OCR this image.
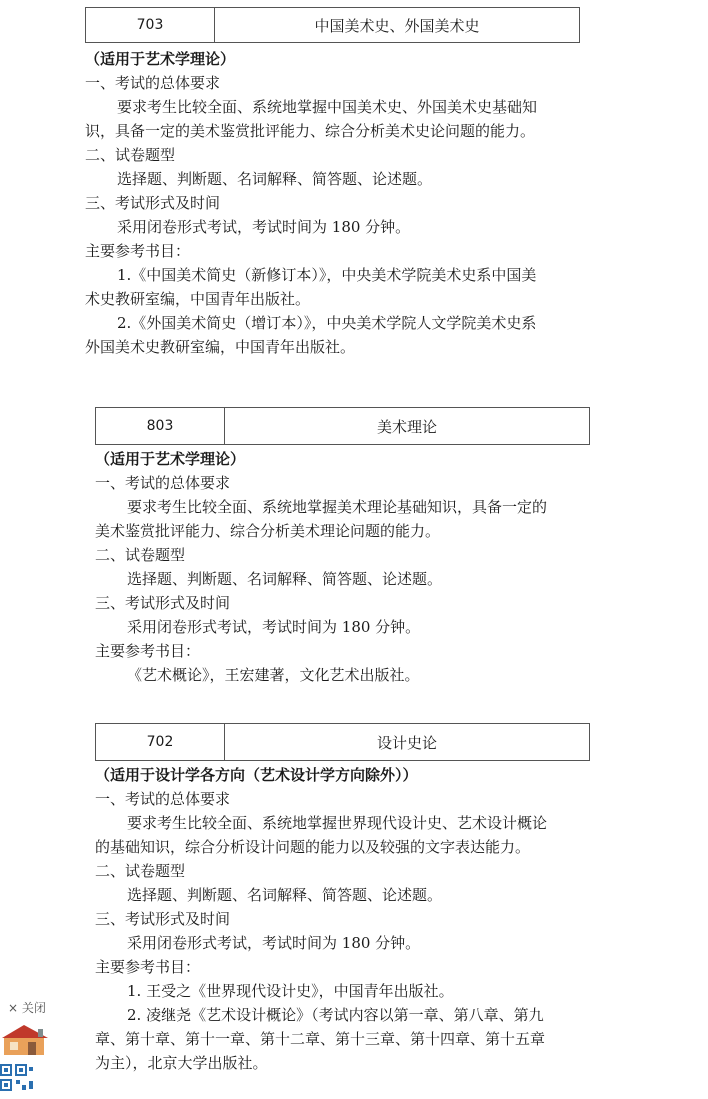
703	中国美术史、外国美术史
（适用于艺术学理论）
一、考试的总体要求
要求考生比较全面、系统地掌握中国美术史、外国美术史基础知
识，具备一定的美术鉴赏批评能力、综合分析美术史论问题的能力。
二、试卷题型
选择题、判断题、名词解释、简答题、论述题。
三、考试形式及时间
采用闭卷形式考试，考试时间为 180 分钟。
主要参考书目：
1.《中国美术简史（新修订本）》，中央美术学院美术史系中国美
术史教研室编，中国青年出版社。
2.《外国美术简史（增订本）》，中央美术学院人文学院美术史系
外国美术史教研室编，中国青年出版社。
803	美术理论
（适用于艺术学理论）
一、考试的总体要求
要求考生比较全面、系统地掌握美术理论基础知识，具备一定的
美术鉴赏批评能力、综合分析美术理论问题的能力。
二、试卷题型
选择题、判断题、名词解释、简答题、论述题。
三、考试形式及时间
采用闭卷形式考试，考试时间为 180 分钟。
主要参考书目：
《艺术概论》，王宏建著，文化艺术出版社。
702	设计史论
（适用于设计学各方向（艺术设计学方向除外））
一、考试的总体要求
要求考生比较全面、系统地掌握世界现代设计史、艺术设计概论
的基础知识，综合分析设计问题的能力以及较强的文字表达能力。
二、试卷题型
选择题、判断题、名词解释、简答题、论述题。
三、考试形式及时间
采用闭卷形式考试，考试时间为 180 分钟。
主要参考书目：
1. 王受之《世界现代设计史》，中国青年出版社。
2. 凌继尧《艺术设计概论》（考试内容以第一章、第八章、第九
章、第十章、第十一章、第十二章、第十三章、第十四章、第十五章
为主），北京大学出版社。
× 关闭
